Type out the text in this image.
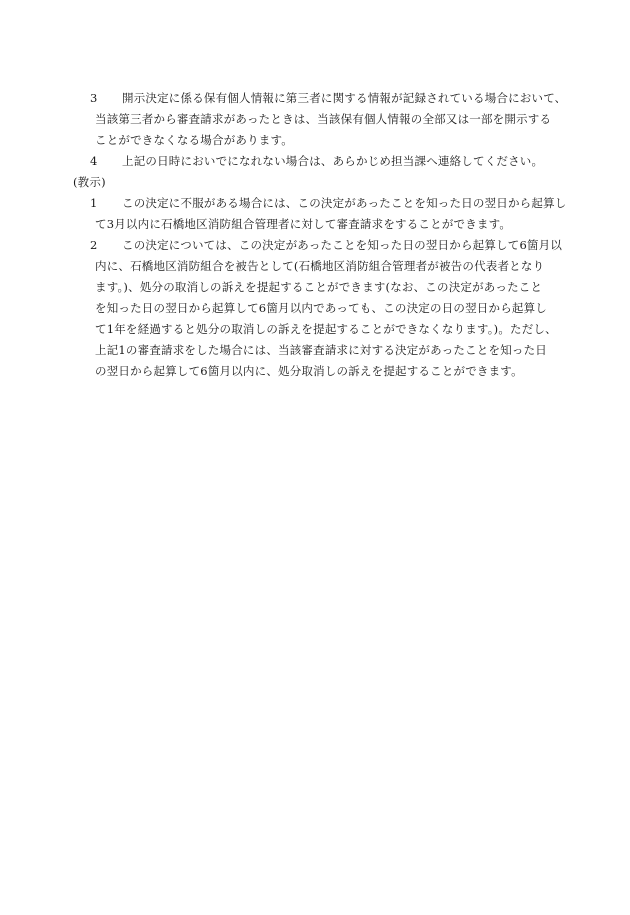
3 開示決定に係る保有個人情報に第三者に関する情報が記録されている場合において、
当該第三者から審査請求があったときは、当該保有個人情報の全部又は一部を開示する
ことができなくなる場合があります。
4 上記の日時においでになれない場合は、あらかじめ担当課へ連絡してください。
(教示)
1 この決定に不服がある場合には、この決定があったことを知った日の翌日から起算し
て3月以内に石橋地区消防組合管理者に対して審査請求をすることができます。
2 この決定については、この決定があったことを知った日の翌日から起算して6箇月以
内に、石橋地区消防組合を被告として(石橋地区消防組合管理者が被告の代表者となり
ます。)、処分の取消しの訴えを提起することができます(なお、この決定があったこと
を知った日の翌日から起算して6箇月以内であっても、この決定の日の翌日から起算し
て1年を経過すると処分の取消しの訴えを提起することができなくなります。)。ただし、
上記1の審査請求をした場合には、当該審査請求に対する決定があったことを知った日
の翌日から起算して6箇月以内に、処分取消しの訴えを提起することができます。
